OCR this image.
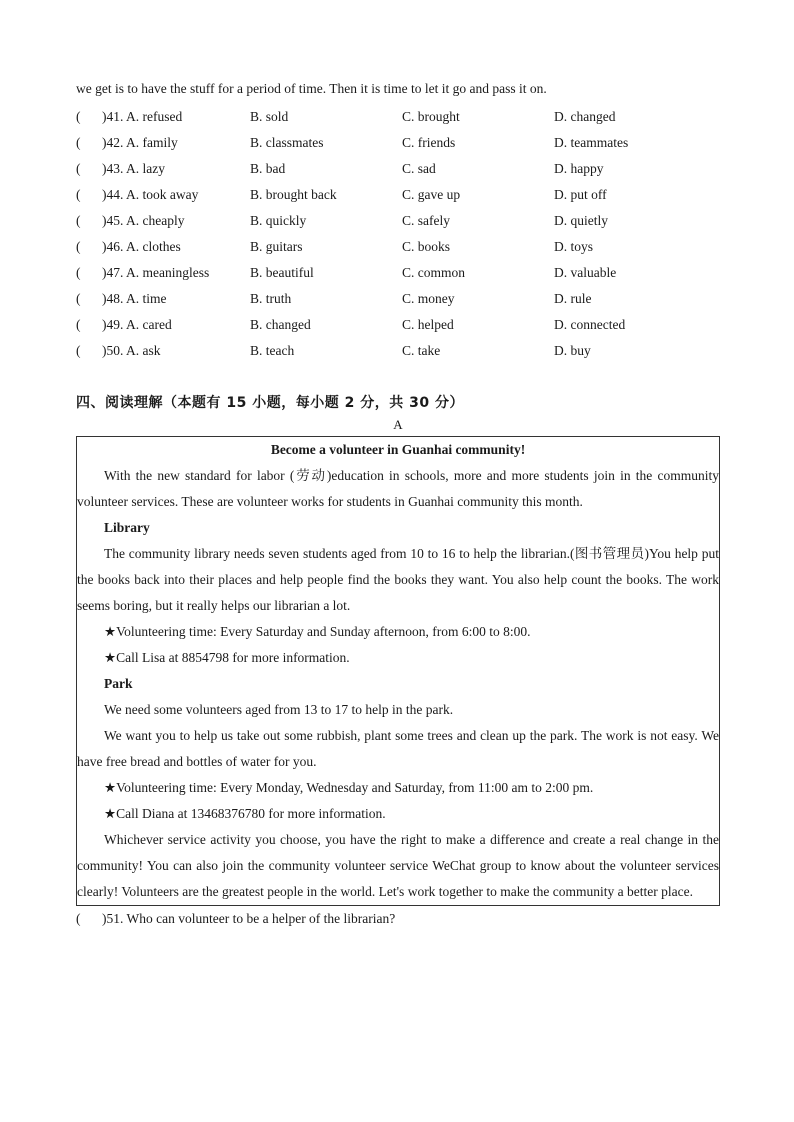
we get is to have the stuff for a period of time. Then it is time to let it go and pass it on.

( )41. A. refused	B. sold	C. brought	D. changed
( )42. A. family	B. classmates	C. friends	D. teammates
( )43. A. lazy	B. bad	C. sad	D. happy
( )44. A. took away	B. brought back	C. gave up	D. put off
( )45. A. cheaply	B. quickly	C. safely	D. quietly
( )46. A. clothes	B. guitars	C. books	D. toys
( )47. A. meaningless	B. beautiful	C. common	D. valuable
( )48. A. time	B. truth	C. money	D. rule
( )49. A. cared	B. changed	C. helped	D. connected
( )50. A. ask	B. teach	C. take	D. buy
四、阅读理解（本题有 15 小题，每小题 2 分，共 30 分）
A
Become a volunteer in Guanhai community!

With the new standard for labor (劳动)education in schools, more and more students join in the community volunteer services. These are volunteer works for students in Guanhai community this month.

Library

The community library needs seven students aged from 10 to 16 to help the librarian.(图书管理员)You help put the books back into their places and help people find the books they want. You also help count the books. The work seems boring, but it really helps our librarian a lot.

★Volunteering time: Every Saturday and Sunday afternoon, from 6:00 to 8:00.
★Call Lisa at 8854798 for more information.
Park

We need some volunteers aged from 13 to 17 to help in the park.

We want you to help us take out some rubbish, plant some trees and clean up the park. The work is not easy. We have free bread and bottles of water for you.

★Volunteering time: Every Monday, Wednesday and Saturday, from 11:00 am to 2:00 pm.
★Call Diana at 13468376780 for more information.

Whichever service activity you choose, you have the right to make a difference and create a real change in the community! You can also join the community volunteer service WeChat group to know about the volunteer services clearly! Volunteers are the greatest people in the world. Let's work together to make the community a better place.

( )51. Who can volunteer to be a helper of the librarian?
